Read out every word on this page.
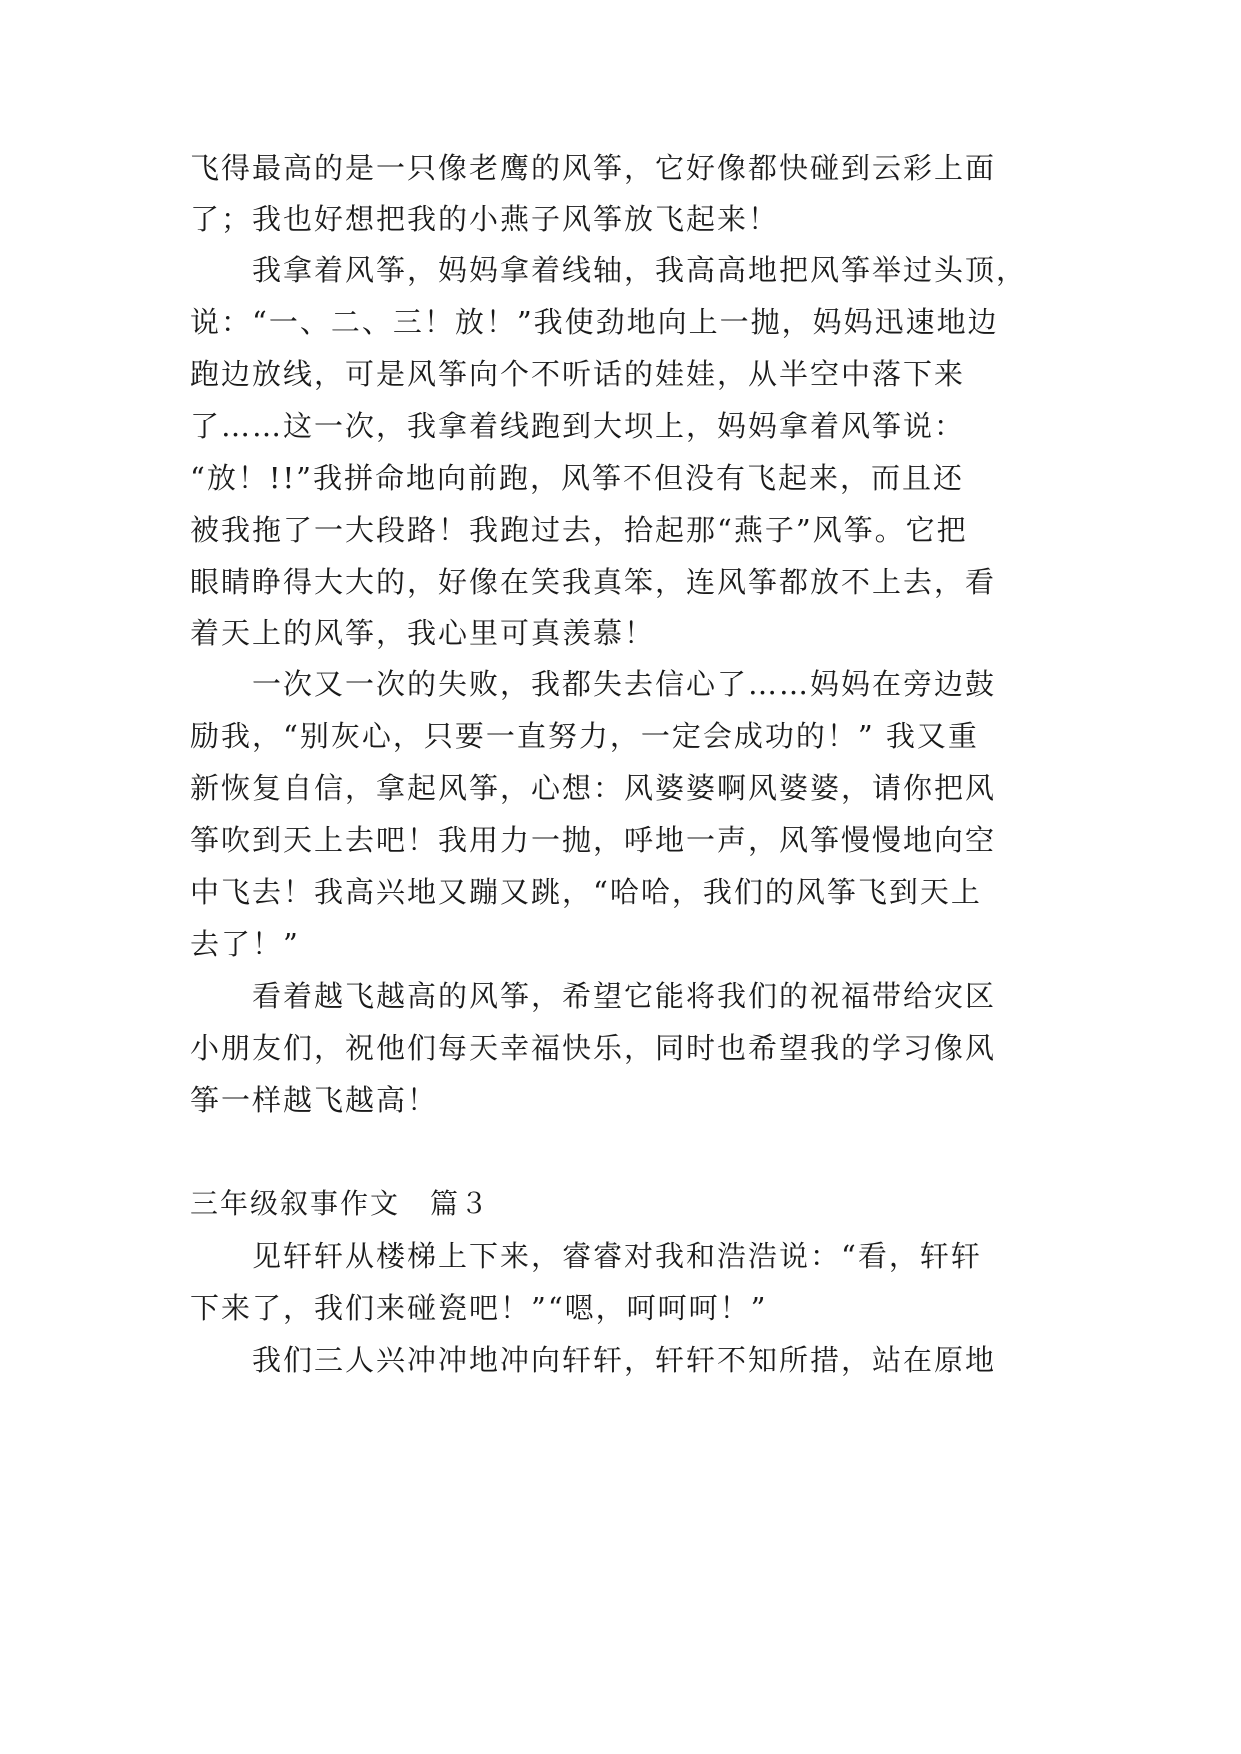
飞得最高的是一只像老鹰的风筝，它好像都快碰到云彩上面
了；我也好想把我的小燕子风筝放飞起来！
　　我拿着风筝，妈妈拿着线轴，我高高地把风筝举过头顶，
说：“一、二、三！放！”我使劲地向上一抛，妈妈迅速地边
跑边放线，可是风筝向个不听话的娃娃，从半空中落下来
了……这一次，我拿着线跑到大坝上，妈妈拿着风筝说：
“放！!!”我拼命地向前跑，风筝不但没有飞起来，而且还
被我拖了一大段路！我跑过去，拾起那“燕子”风筝。它把
眼睛睁得大大的，好像在笑我真笨，连风筝都放不上去，看
着天上的风筝，我心里可真羡慕！
　　一次又一次的失败，我都失去信心了……妈妈在旁边鼓
励我，“别灰心，只要一直努力，一定会成功的！” 我又重
新恢复自信，拿起风筝，心想：风婆婆啊风婆婆，请你把风
筝吹到天上去吧！我用力一抛，呼地一声，风筝慢慢地向空
中飞去！我高兴地又蹦又跳，“哈哈，我们的风筝飞到天上
去了！”
　　看着越飞越高的风筝，希望它能将我们的祝福带给灾区
小朋友们，祝他们每天幸福快乐，同时也希望我的学习像风
筝一样越飞越高！
三年级叙事作文　篇３
　　见轩轩从楼梯上下来，睿睿对我和浩浩说：“看，轩轩
下来了，我们来碰瓷吧！”“嗯，呵呵呵！”
　　我们三人兴冲冲地冲向轩轩，轩轩不知所措，站在原地
